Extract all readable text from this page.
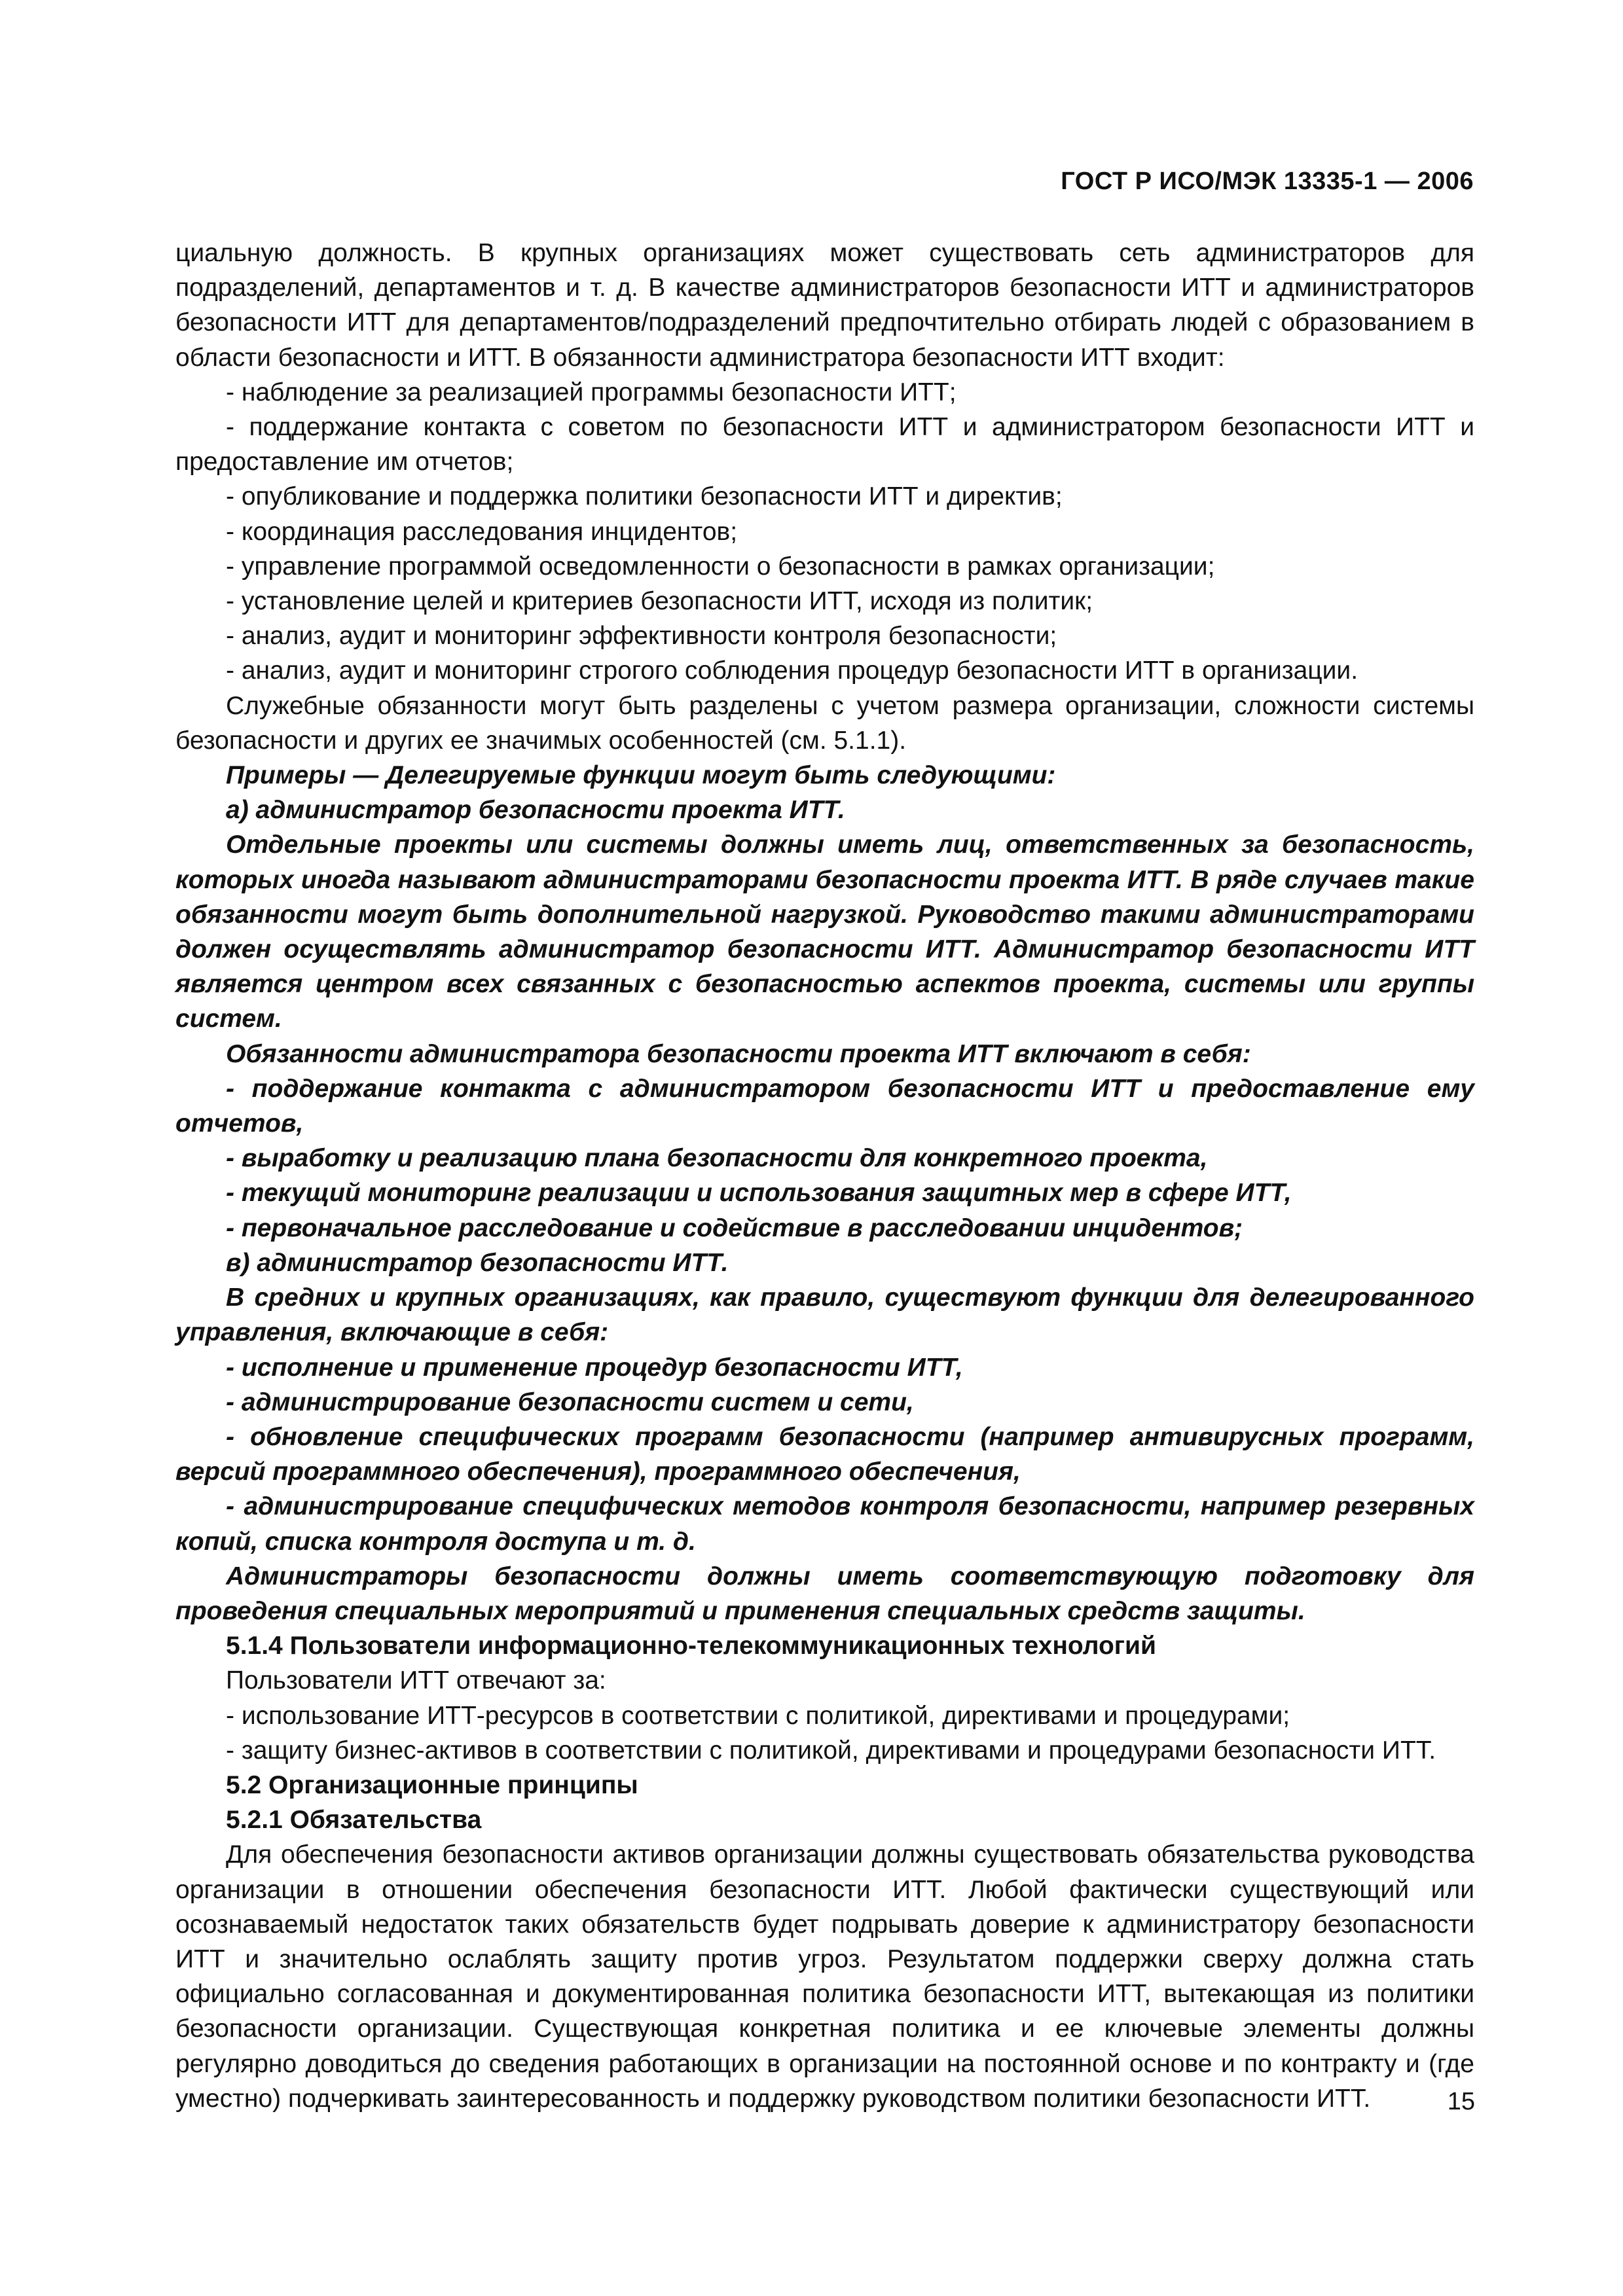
ГОСТ Р ИСО/МЭК 13335-1 — 2006

циальную должность. В крупных организациях может существовать сеть администраторов для подразделений, департаментов и т. д. В качестве администраторов безопасности ИТТ и администраторов безопасности ИТТ для департаментов/подразделений предпочтительно отбирать людей с образованием в области безопасности и ИТТ. В обязанности администратора безопасности ИТТ входит:

- наблюдение за реализацией программы безопасности ИТТ;

- поддержание контакта с советом по безопасности ИТТ и администратором безопасности ИТТ и предоставление им отчетов;

- опубликование и поддержка политики безопасности ИТТ и директив;

- координация расследования инцидентов;

- управление программой осведомленности о безопасности в рамках организации;

- установление целей и критериев безопасности ИТТ, исходя из политик;

- анализ, аудит и мониторинг эффективности контроля безопасности;

- анализ, аудит и мониторинг строгого соблюдения процедур безопасности ИТТ в организации.

Служебные обязанности могут быть разделены с учетом размера организации, сложности системы безопасности и других ее значимых особенностей (см. 5.1.1).

Примеры — Делегируемые функции могут быть следующими:

а) администратор безопасности проекта ИТТ.

Отдельные проекты или системы должны иметь лиц, ответственных за безопасность, которых иногда называют администраторами безопасности проекта ИТТ. В ряде случаев такие обязанности могут быть дополнительной нагрузкой. Руководство такими администраторами должен осуществлять администратор безопасности ИТТ. Администратор безопасности ИТТ является центром всех связанных с безопасностью аспектов проекта, системы или группы систем.

Обязанности администратора безопасности проекта ИТТ включают в себя:

- поддержание контакта с администратором безопасности ИТТ и предоставление ему отчетов,

- выработку и реализацию плана безопасности для конкретного проекта,

- текущий мониторинг реализации и использования защитных мер в сфере ИТТ,

- первоначальное расследование и содействие в расследовании инцидентов;

в) администратор безопасности ИТТ.

В средних и крупных организациях, как правило, существуют функции для делегированного управления, включающие в себя:

- исполнение и применение процедур безопасности ИТТ,

- администрирование безопасности систем и сети,

- обновление специфических программ безопасности (например антивирусных программ, версий программного обеспечения), программного обеспечения,

- администрирование специфических методов контроля безопасности, например резервных копий, списка контроля доступа и т. д.

Администраторы безопасности должны иметь соответствующую подготовку для проведения специальных мероприятий и применения специальных средств защиты.

5.1.4 Пользователи информационно-телекоммуникационных технологий

Пользователи ИТТ отвечают за:

- использование ИТТ-ресурсов в соответствии с политикой, директивами и процедурами;

- защиту бизнес-активов в соответствии с политикой, директивами и процедурами безопасности ИТТ.

5.2 Организационные принципы

5.2.1 Обязательства

Для обеспечения безопасности активов организации должны существовать обязательства руководства организации в отношении обеспечения безопасности ИТТ. Любой фактически существующий или осознаваемый недостаток таких обязательств будет подрывать доверие к администратору безопасности ИТТ и значительно ослаблять защиту против угроз. Результатом поддержки сверху должна стать официально согласованная и документированная политика безопасности ИТТ, вытекающая из политики безопасности организации. Существующая конкретная политика и ее ключевые элементы должны регулярно доводиться до сведения работающих в организации на постоянной основе и по контракту и (где уместно) подчеркивать заинтересованность и поддержку руководством политики безопасности ИТТ.	15
